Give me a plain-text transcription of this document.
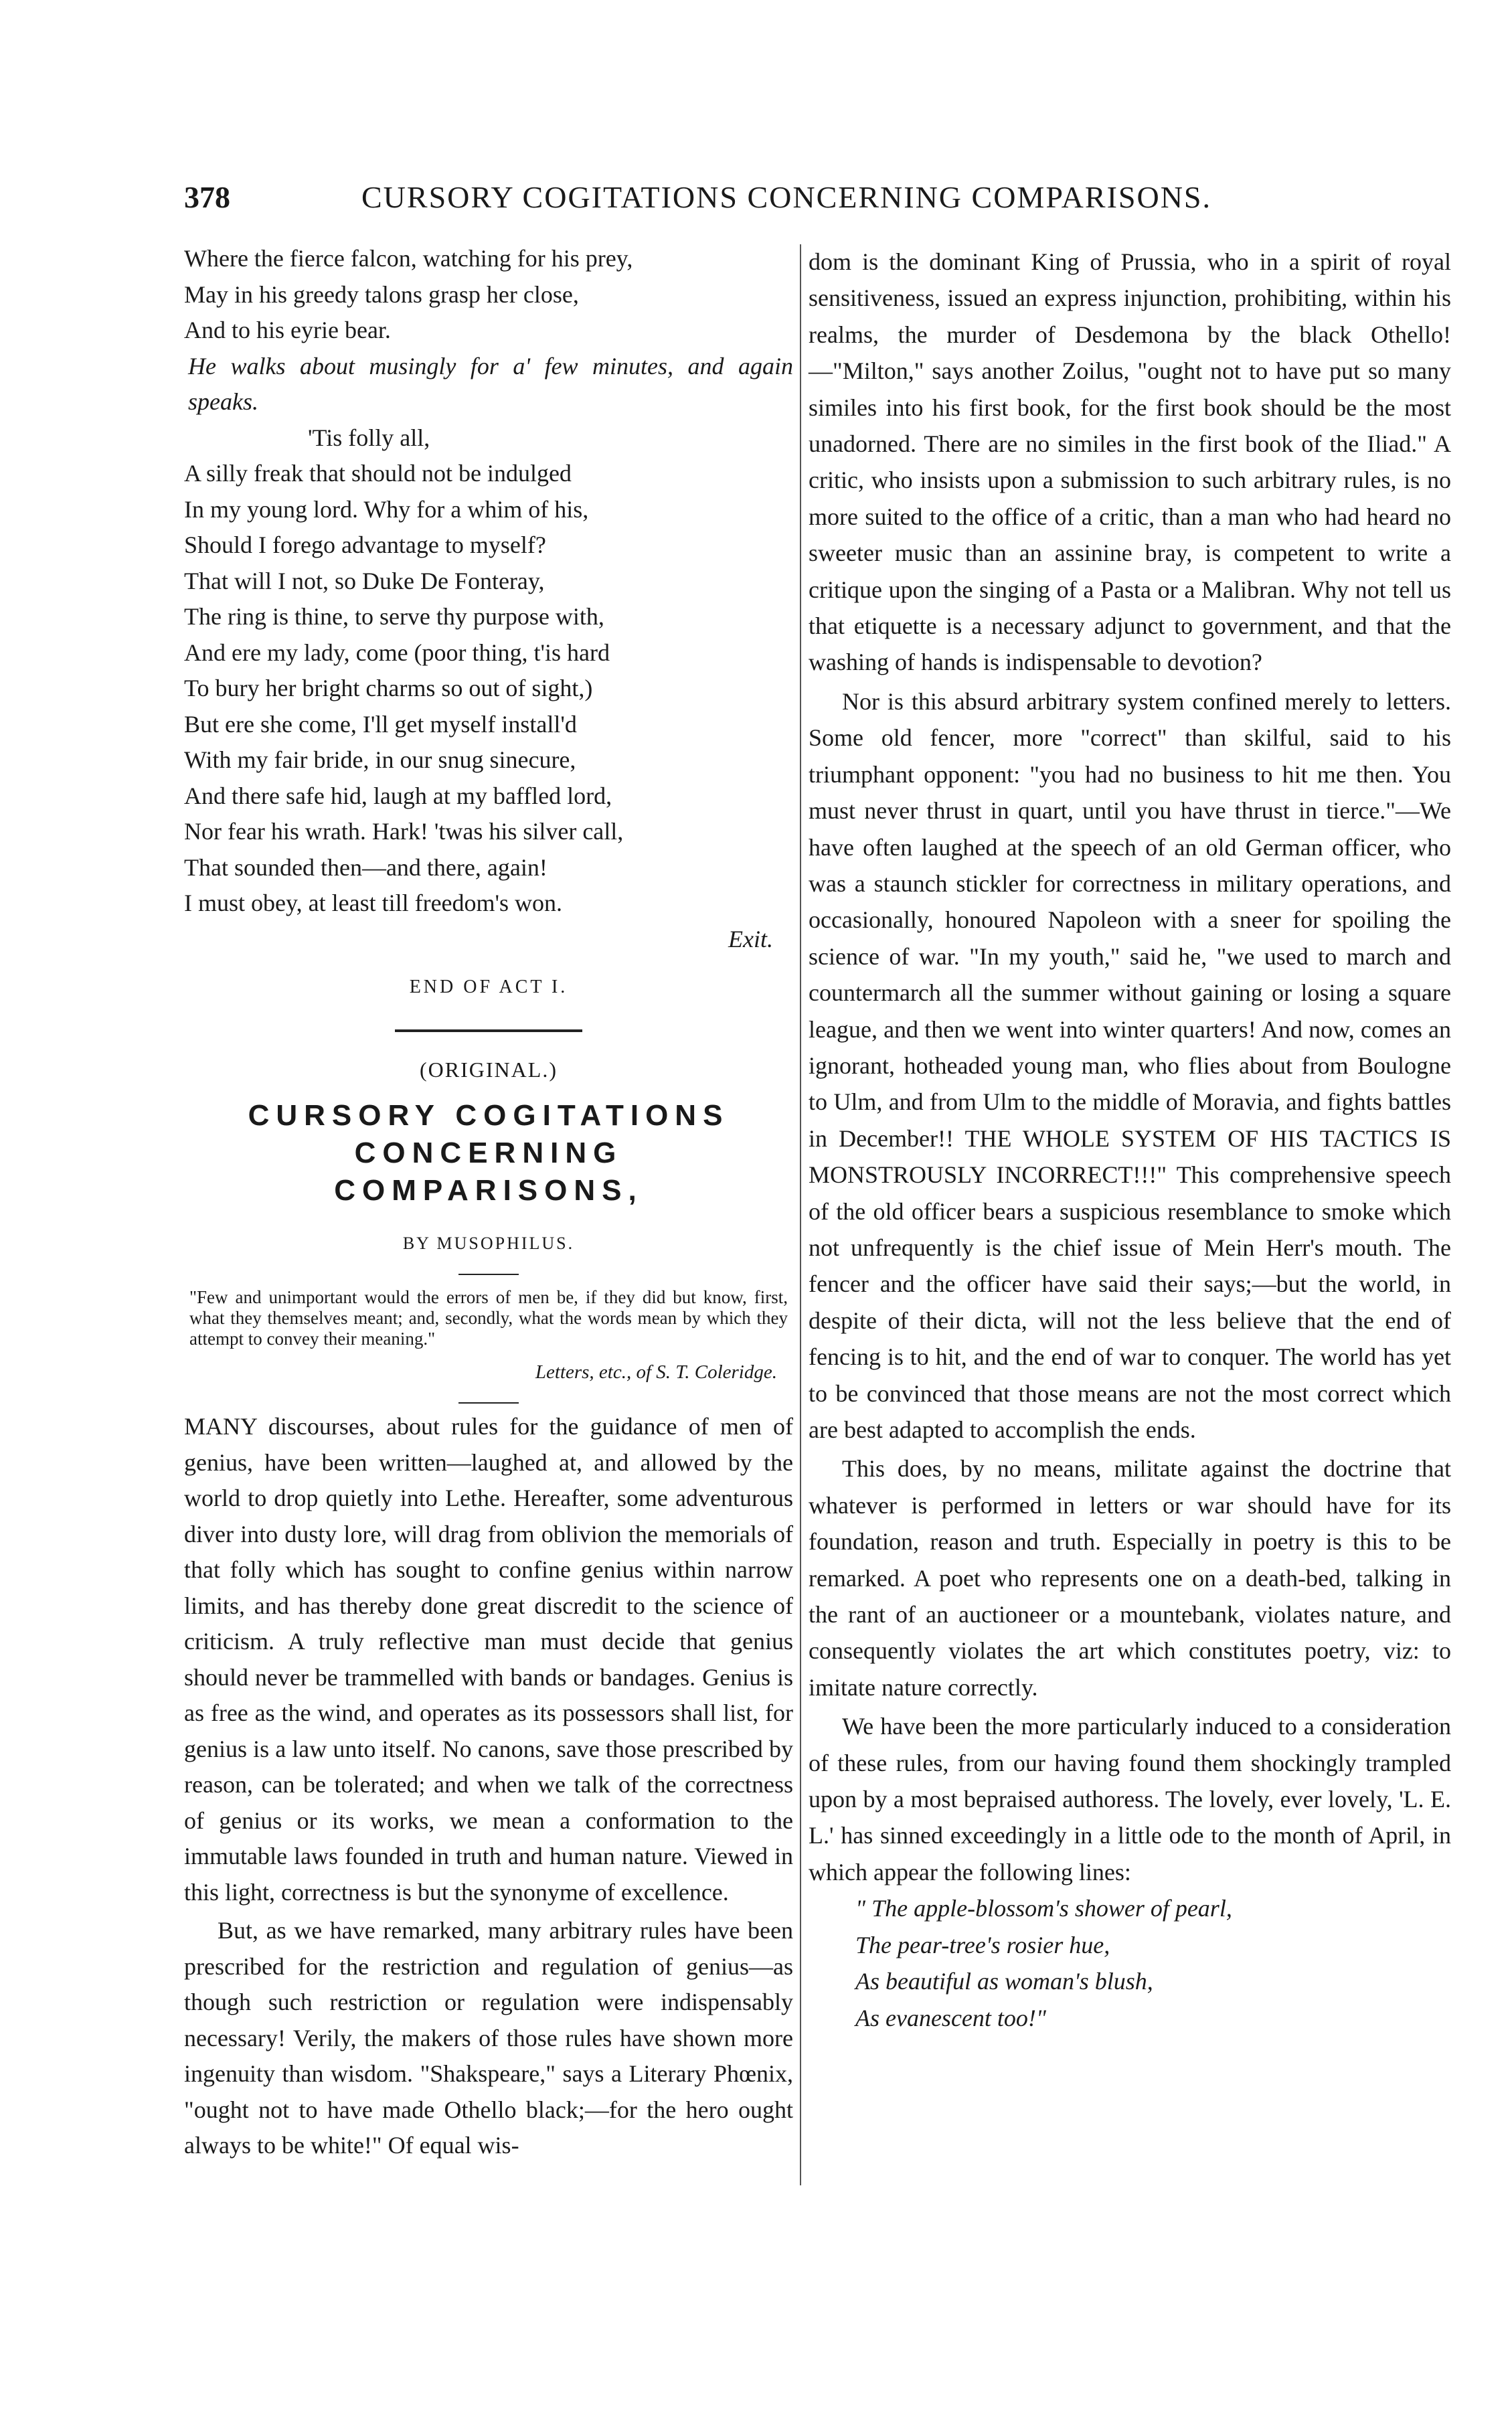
378	CURSORY COGITATIONS CONCERNING COMPARISONS.
Where the fierce falcon, watching for his prey,
May in his greedy talons grasp her close,
And to his eyrie bear.
He walks about musingly for a' few minutes, and again speaks.
'Tis folly all,
A silly freak that should not be indulged
In my young lord. Why for a whim of his,
Should I forego advantage to myself?
That will I not, so Duke De Fonteray,
The ring is thine, to serve thy purpose with,
And ere my lady, come (poor thing, t'is hard
To bury her bright charms so out of sight,)
But ere she come, I'll get myself install'd
With my fair bride, in our snug sinecure,
And there safe hid, laugh at my baffled lord,
Nor fear his wrath. Hark! 'twas his silver call,
That sounded then—and there, again!
I must obey, at least till freedom's won.
Exit.
END OF ACT I.
(ORIGINAL.)
CURSORY COGITATIONS CONCERNING
COMPARISONS,
BY MUSOPHILUS.
"Few and unimportant would the errors of men be, if they did but know, first, what they themselves meant; and, secondly, what the words mean by which they attempt to convey their meaning."
Letters, etc., of S. T. Coleridge.
MANY discourses, about rules for the guidance of men of genius, have been written—laughed at, and allowed by the world to drop quietly into Lethe. Hereafter, some adventurous diver into dusty lore, will drag from oblivion the memorials of that folly which has sought to confine genius within narrow limits, and has thereby done great discredit to the science of criticism. A truly reflective man must decide that genius should never be trammelled with bands or bandages. Genius is as free as the wind, and operates as its possessors shall list, for genius is a law unto itself. No canons, save those prescribed by reason, can be tolerated; and when we talk of the correctness of genius or its works, we mean a conformation to the immutable laws founded in truth and human nature. Viewed in this light, correctness is but the synonyme of excellence.
But, as we have remarked, many arbitrary rules have been prescribed for the restriction and regulation of genius—as though such restriction or regulation were indispensably necessary! Verily, the makers of those rules have shown more ingenuity than wisdom. "Shakspeare," says a Literary Phœnix, "ought not to have made Othello black;—for the hero ought always to be white!" Of equal wis-
dom is the dominant King of Prussia, who in a spirit of royal sensitiveness, issued an express injunction, prohibiting, within his realms, the murder of Desdemona by the black Othello!—"Milton," says another Zoilus, "ought not to have put so many similes into his first book, for the first book should be the most unadorned. There are no similes in the first book of the Iliad." A critic, who insists upon a submission to such arbitrary rules, is no more suited to the office of a critic, than a man who had heard no sweeter music than an assinine bray, is competent to write a critique upon the singing of a Pasta or a Malibran. Why not tell us that etiquette is a necessary adjunct to government, and that the washing of hands is indispensable to devotion?
Nor is this absurd arbitrary system confined merely to letters. Some old fencer, more "correct" than skilful, said to his triumphant opponent: "you had no business to hit me then. You must never thrust in quart, until you have thrust in tierce."—We have often laughed at the speech of an old German officer, who was a staunch stickler for correctness in military operations, and occasionally, honoured Napoleon with a sneer for spoiling the science of war. "In my youth," said he, "we used to march and countermarch all the summer without gaining or losing a square league, and then we went into winter quarters! And now, comes an ignorant, hotheaded young man, who flies about from Boulogne to Ulm, and from Ulm to the middle of Moravia, and fights battles in December!! THE WHOLE SYSTEM OF HIS TACTICS IS MONSTROUSLY INCORRECT!!!" This comprehensive speech of the old officer bears a suspicious resemblance to smoke which not unfrequently is the chief issue of Mein Herr's mouth. The fencer and the officer have said their says;—but the world, in despite of their dicta, will not the less believe that the end of fencing is to hit, and the end of war to conquer. The world has yet to be convinced that those means are not the most correct which are best adapted to accomplish the ends.
This does, by no means, militate against the doctrine that whatever is performed in letters or war should have for its foundation, reason and truth. Especially in poetry is this to be remarked. A poet who represents one on a death-bed, talking in the rant of an auctioneer or a mountebank, violates nature, and consequently violates the art which constitutes poetry, viz: to imitate nature correctly.
We have been the more particularly induced to a consideration of these rules, from our having found them shockingly trampled upon by a most bepraised authoress. The lovely, ever lovely, 'L. E. L.' has sinned exceedingly in a little ode to the month of April, in which appear the following lines:
" The apple-blossom's shower of pearl,
The pear-tree's rosier hue,
As beautiful as woman's blush,
As evanescent too!"
